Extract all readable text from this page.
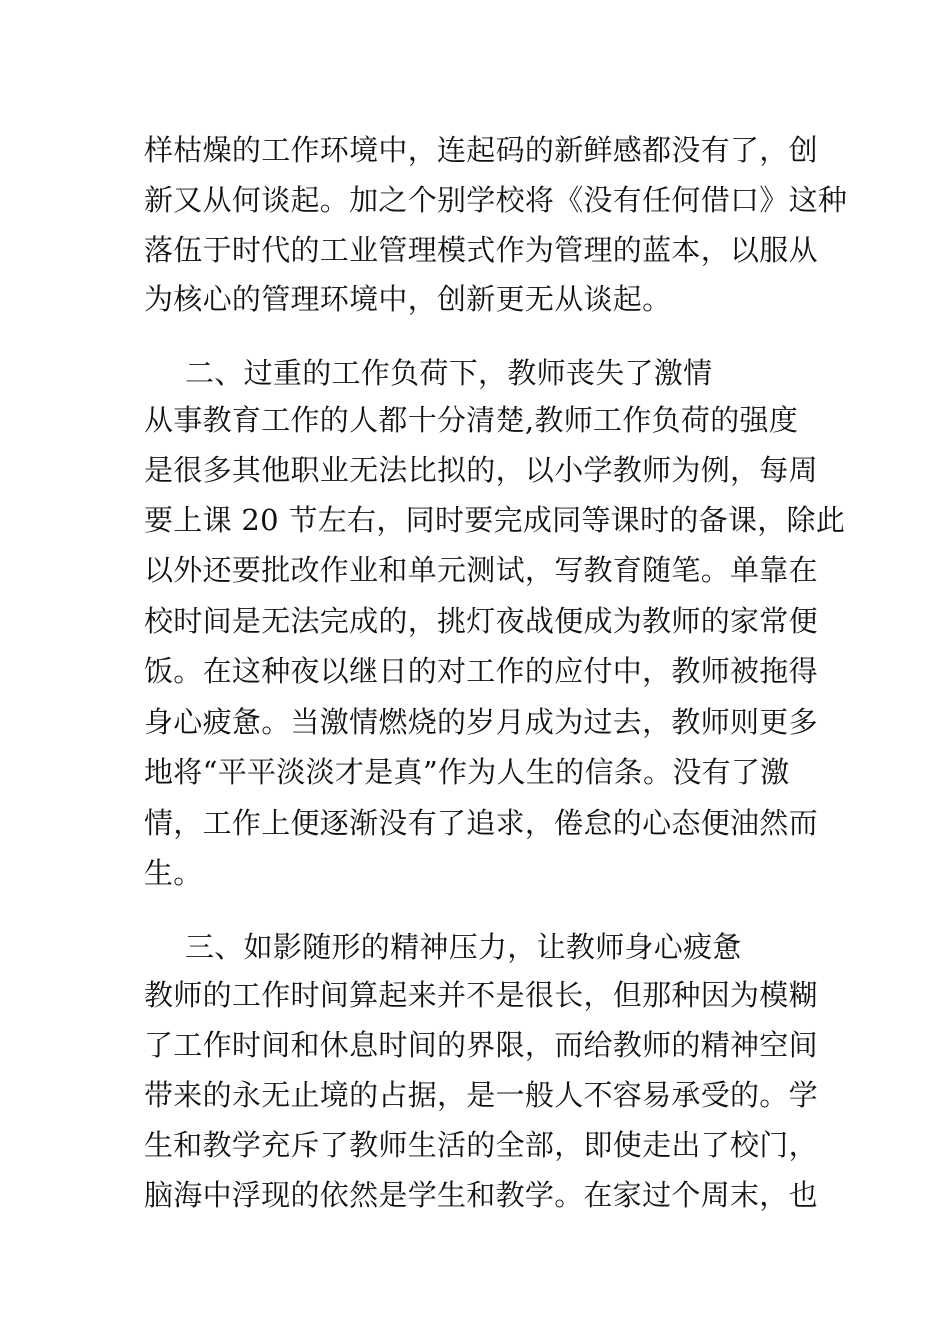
样枯燥的工作环境中，连起码的新鲜感都没有了，创
新又从何谈起。加之个别学校将《没有任何借口》这种
落伍于时代的工业管理模式作为管理的蓝本，以服从
为核心的管理环境中，创新更无从谈起。
二、过重的工作负荷下，教师丧失了激情
从事教育工作的人都十分清楚,教师工作负荷的强度
是很多其他职业无法比拟的，以小学教师为例，每周
要上课 20 节左右，同时要完成同等课时的备课，除此
以外还要批改作业和单元测试，写教育随笔。单靠在
校时间是无法完成的，挑灯夜战便成为教师的家常便
饭。在这种夜以继日的对工作的应付中，教师被拖得
身心疲惫。当激情燃烧的岁月成为过去，教师则更多
地将“平平淡淡才是真”作为人生的信条。没有了激
情，工作上便逐渐没有了追求，倦怠的心态便油然而
生。
三、如影随形的精神压力，让教师身心疲惫
教师的工作时间算起来并不是很长，但那种因为模糊
了工作时间和休息时间的界限，而给教师的精神空间
带来的永无止境的占据，是一般人不容易承受的。学
生和教学充斥了教师生活的全部，即使走出了校门，
脑海中浮现的依然是学生和教学。在家过个周末，也
